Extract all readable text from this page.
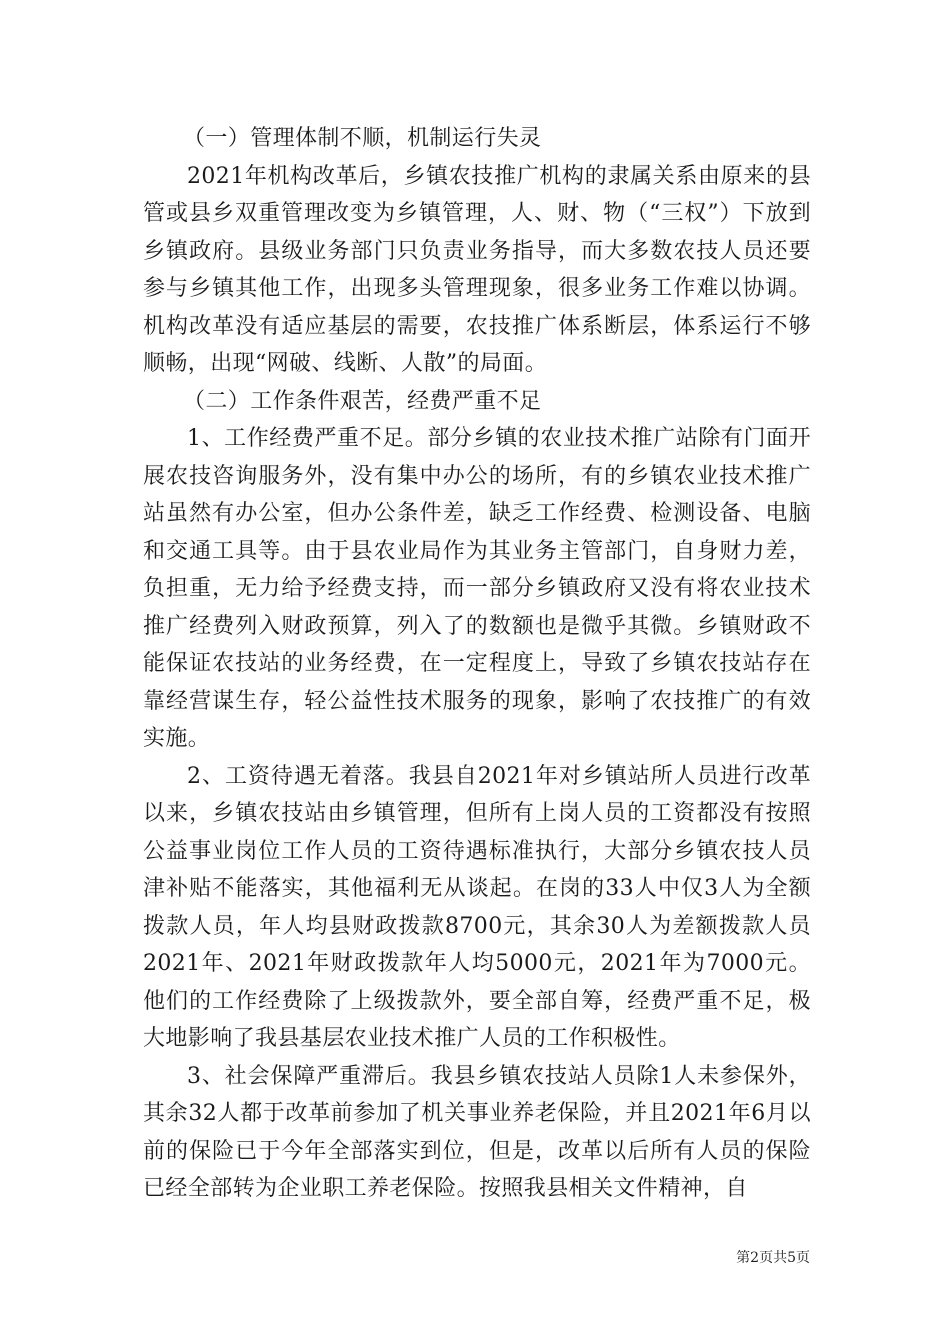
（一）管理体制不顺，机制运行失灵

2021年机构改革后，乡镇农技推广机构的隶属关系由原来的县管或县乡双重管理改变为乡镇管理，人、财、物（“三权”）下放到乡镇政府。县级业务部门只负责业务指导，而大多数农技人员还要参与乡镇其他工作，出现多头管理现象，很多业务工作难以协调。机构改革没有适应基层的需要，农技推广体系断层，体系运行不够顺畅，出现“网破、线断、人散”的局面。

（二）工作条件艰苦，经费严重不足

1、工作经费严重不足。部分乡镇的农业技术推广站除有门面开展农技咨询服务外，没有集中办公的场所，有的乡镇农业技术推广站虽然有办公室，但办公条件差，缺乏工作经费、检测设备、电脑和交通工具等。由于县农业局作为其业务主管部门，自身财力差，负担重，无力给予经费支持，而一部分乡镇政府又没有将农业技术推广经费列入财政预算，列入了的数额也是微乎其微。乡镇财政不能保证农技站的业务经费，在一定程度上，导致了乡镇农技站存在靠经营谋生存，轻公益性技术服务的现象，影响了农技推广的有效实施。

2、工资待遇无着落。我县自2021年对乡镇站所人员进行改革以来，乡镇农技站由乡镇管理，但所有上岗人员的工资都没有按照公益事业岗位工作人员的工资待遇标准执行，大部分乡镇农技人员津补贴不能落实，其他福利无从谈起。在岗的33人中仅3人为全额拨款人员，年人均县财政拨款8700元，其余30人为差额拨款人员2021年、2021年财政拨款年人均5000元，2021年为7000元。他们的工作经费除了上级拨款外，要全部自筹，经费严重不足，极大地影响了我县基层农业技术推广人员的工作积极性。

3、社会保障严重滞后。我县乡镇农技站人员除1人未参保外，其余32人都于改革前参加了机关事业养老保险，并且2021年6月以前的保险已于今年全部落实到位，但是，改革以后所有人员的保险已经全部转为企业职工养老保险。按照我县相关文件精神，自

第2页共5页
